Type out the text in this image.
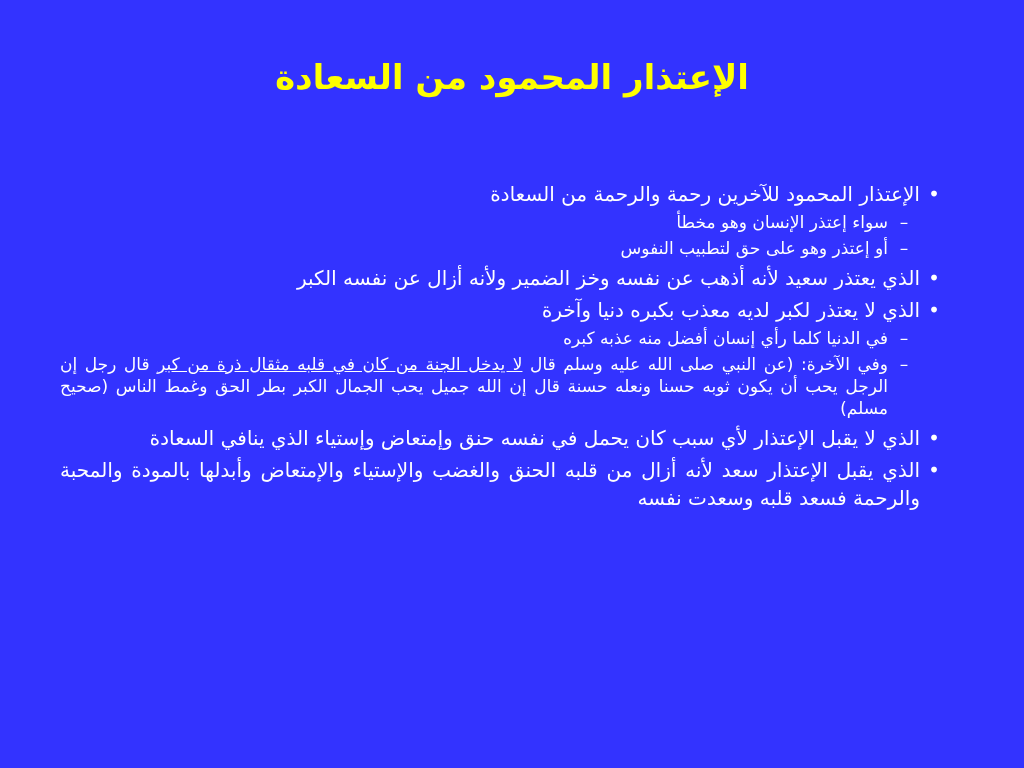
الإعتذار المحمود من السعادة
•
الإعتذار المحمود للآخرين رحمة والرحمة من السعادة
–
سواء إعتذر الإنسان وهو مخطأ
–
أو إعتذر وهو على حق لتطبيب النفوس
•
الذي يعتذر سعيد لأنه أذهب عن نفسه وخز الضمير ولأنه أزال عن نفسه الكبر
•
الذي لا يعتذر لكبر لديه معذب بكبره دنيا وآخرة
–
في الدنيا كلما رأي إنسان أفضل منه عذبه كبره
–
وفي الآخرة: (عن النبي صلى الله عليه وسلم قال لا يدخل الجنة من كان في قلبه مثقال ذرة من كبر قال رجل إن الرجل يحب أن يكون ثوبه حسنا ونعله حسنة قال إن الله جميل يحب الجمال الكبر بطر الحق وغمط الناس (صحيح مسلم)
•
الذي لا يقبل الإعتذار لأي سبب كان يحمل في نفسه حنق وإمتعاض وإستياء الذي ينافي السعادة
•
الذي يقبل الإعتذار سعد لأنه أزال من قلبه الحنق والغضب والإستياء والإمتعاض وأبدلها بالمودة والمحبة والرحمة فسعد قلبه وسعدت نفسه
